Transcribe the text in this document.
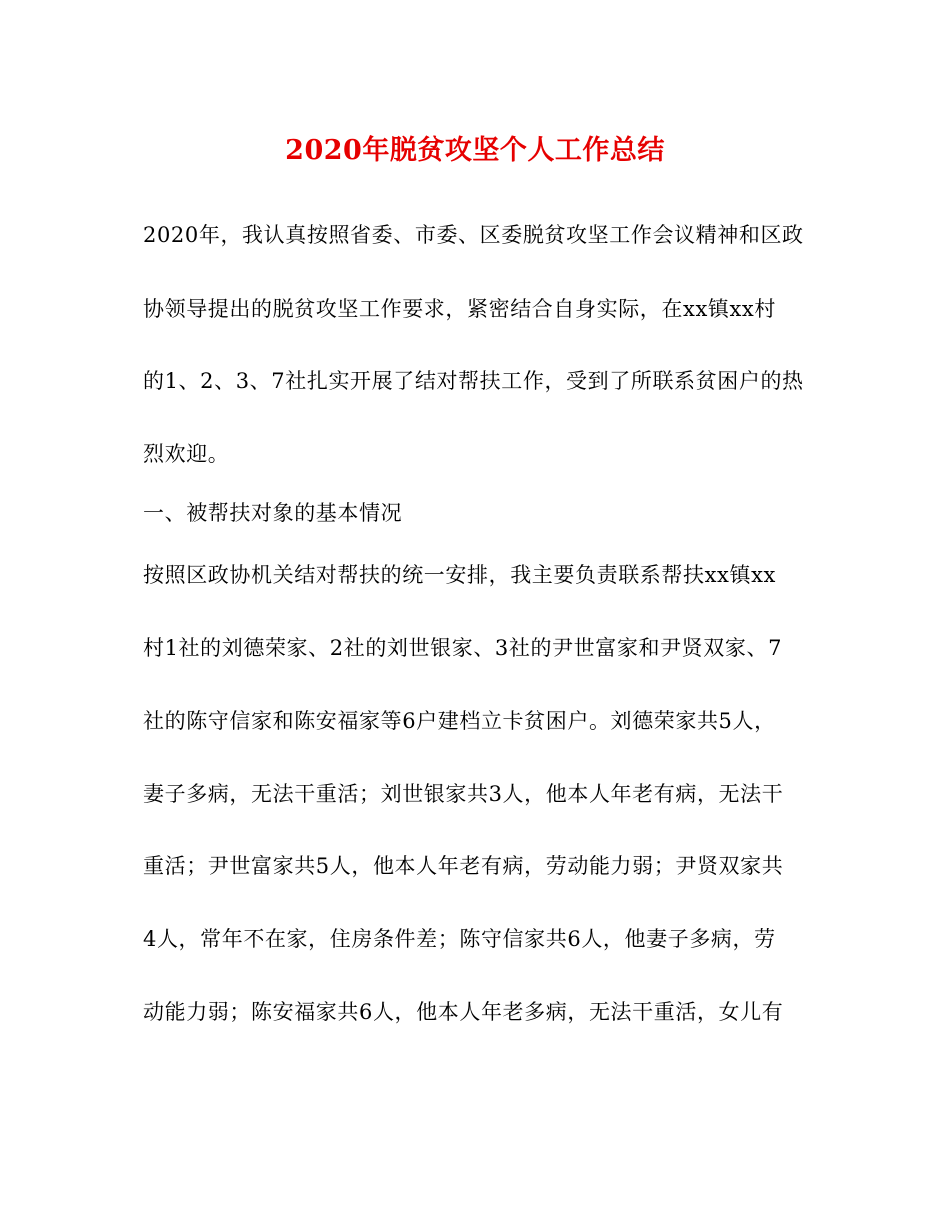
2020年脱贫攻坚个人工作总结
2020年，我认真按照省委、市委、区委脱贫攻坚工作会议精神和区政
协领导提出的脱贫攻坚工作要求，紧密结合自身实际，在xx镇xx村
的1、2、3、7社扎实开展了结对帮扶工作，受到了所联系贫困户的热
烈欢迎。
一、被帮扶对象的基本情况
按照区政协机关结对帮扶的统一安排，我主要负责联系帮扶xx镇xx
村1社的刘德荣家、2社的刘世银家、3社的尹世富家和尹贤双家、7
社的陈守信家和陈安福家等6户建档立卡贫困户。刘德荣家共5人，
妻子多病，无法干重活；刘世银家共3人，他本人年老有病，无法干
重活；尹世富家共5人，他本人年老有病，劳动能力弱；尹贤双家共
4人，常年不在家，住房条件差；陈守信家共6人，他妻子多病，劳
动能力弱；陈安福家共6人，他本人年老多病，无法干重活，女儿有
